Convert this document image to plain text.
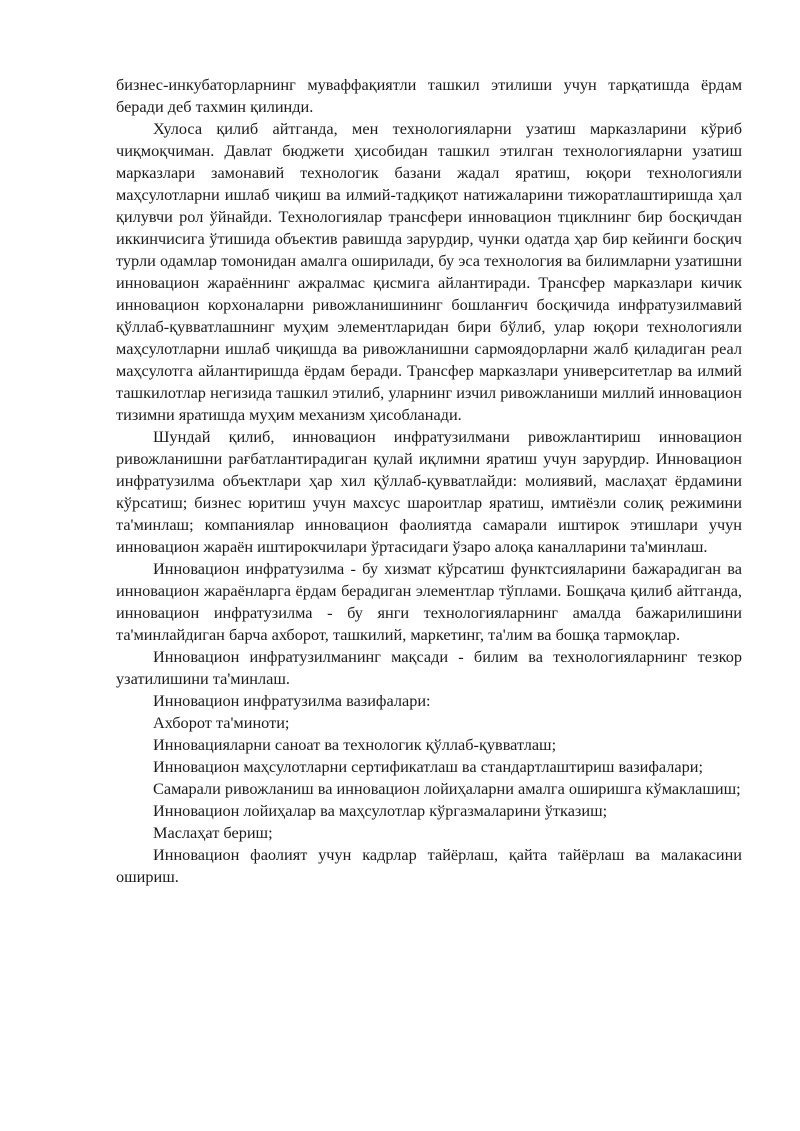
бизнес-инкубаторларнинг муваффақиятли ташкил этилиши учун тарқатишда ёрдам беради деб тахмин қилинди.

Хулоса қилиб айтганда, мен технологияларни узатиш марказларини кўриб чиқмоқчиман. Давлат бюджети ҳисобидан ташкил этилган технологияларни узатиш марказлари замонавий технологик базани жадал яратиш, юқори технологияли маҳсулотларни ишлаб чиқиш ва илмий-тадқиқот натижаларини тижоратлаштиришда ҳал қилувчи рол ўйнайди. Технологиялар трансфери инновацион тциклнинг бир босқичдан иккинчисига ўтишида объектив равишда зарурдир, чунки одатда ҳар бир кейинги босқич турли одамлар томонидан амалга оширилади, бу эса технология ва билимларни узатишни инновацион жараённинг ажралмас қисмига айлантиради. Трансфер марказлари кичик инновацион корхоналарни ривожланишининг бошланғич босқичида инфратузилмавий қўллаб-қувватлашнинг муҳим элементларидан бири бўлиб, улар юқори технологияли маҳсулотларни ишлаб чиқишда ва ривожланишни сармоядорларни жалб қиладиган реал маҳсулотга айлантиришда ёрдам беради. Трансфер марказлари университетлар ва илмий ташкилотлар негизида ташкил этилиб, уларнинг изчил ривожланиши миллий инновацион тизимни яратишда муҳим механизм ҳисобланади.

Шундай қилиб, инновацион инфратузилмани ривожлантириш инновацион ривожланишни рағбатлантирадиган қулай иқлимни яратиш учун зарурдир. Инновацион инфратузилма объектлари ҳар хил қўллаб-қувватлайди: молиявий, маслаҳат ёрдамини кўрсатиш; бизнес юритиш учун махсус шароитлар яратиш, имтиёзли солиқ режимини та'минлаш; компаниялар инновацион фаолиятда самарали иштирок этишлари учун инновацион жараён иштирокчилари ўртасидаги ўзаро алоқа каналларини та'минлаш.

Инновацион инфратузилма - бу хизмат кўрсатиш функтсияларини бажарадиган ва инновацион жараёнларга ёрдам берадиган элементлар тўплами. Бошқача қилиб айтганда, инновацион инфратузилма - бу янги технологияларнинг амалда бажарилишини та'минлайдиган барча ахборот, ташкилий, маркетинг, та'лим ва бошқа тармоқлар.

Инновацион инфратузилманинг мақсади - билим ва технологияларнинг тезкор узатилишини та'минлаш.

Инновацион инфратузилма вазифалари:

Ахборот та'миноти;

Инновацияларни саноат ва технологик қўллаб-қувватлаш;

Инновацион маҳсулотларни сертификатлаш ва стандартлаштириш вазифалари;

Самарали ривожланиш ва инновацион лойиҳаларни амалга оширишга кўмаклашиш;

Инновацион лойиҳалар ва маҳсулотлар кўргазмаларини ўтказиш;

Маслаҳат бериш;

Инновацион фаолият учун кадрлар тайёрлаш, қайта тайёрлаш ва малакасини ошириш.
